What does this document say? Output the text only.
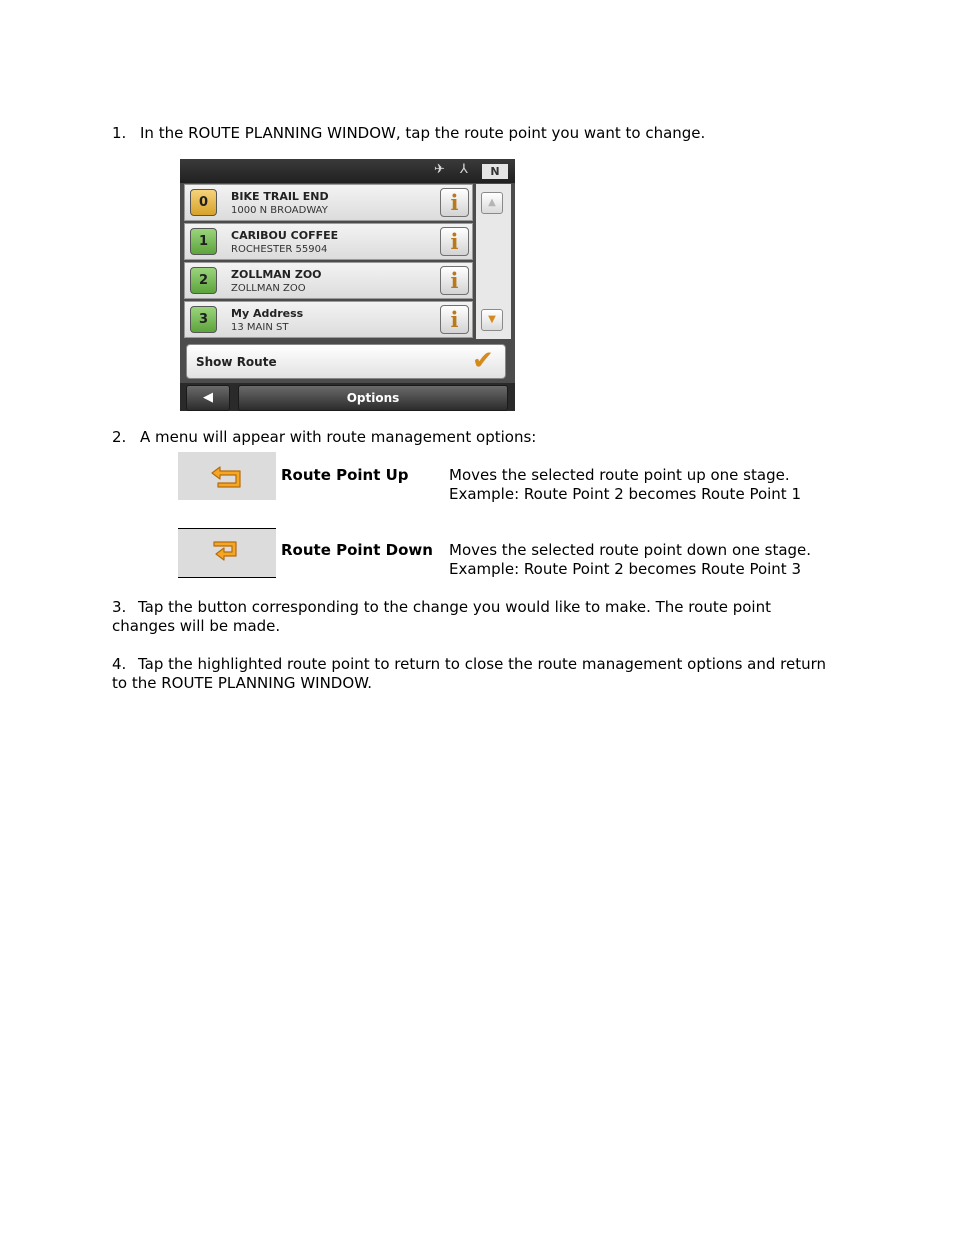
1. In the ROUTE PLANNING WINDOW, tap the route point you want to change.
✈ ⅄	N
0	BIKE TRAIL END
1000 N BROADWAY	i
1	CARIBOU COFFEE
ROCHESTER 55904	i
2	ZOLLMAN ZOO
ZOLLMAN ZOO	i
3	My Address
13 MAIN ST	i
▲
▼
Show Route	✔
◀	Options
2. A menu will appear with route management options:
Route Point Up	Moves the selected route point up one stage.
Example: Route Point 2 becomes Route Point 1
Route Point Down Moves the selected route point down one stage.
Example: Route Point 2 becomes Route Point 3
3. Tap the button corresponding to the change you would like to make. The route point changes will be made.
4. Tap the highlighted route point to return to close the route management options and return to the ROUTE PLANNING WINDOW.
